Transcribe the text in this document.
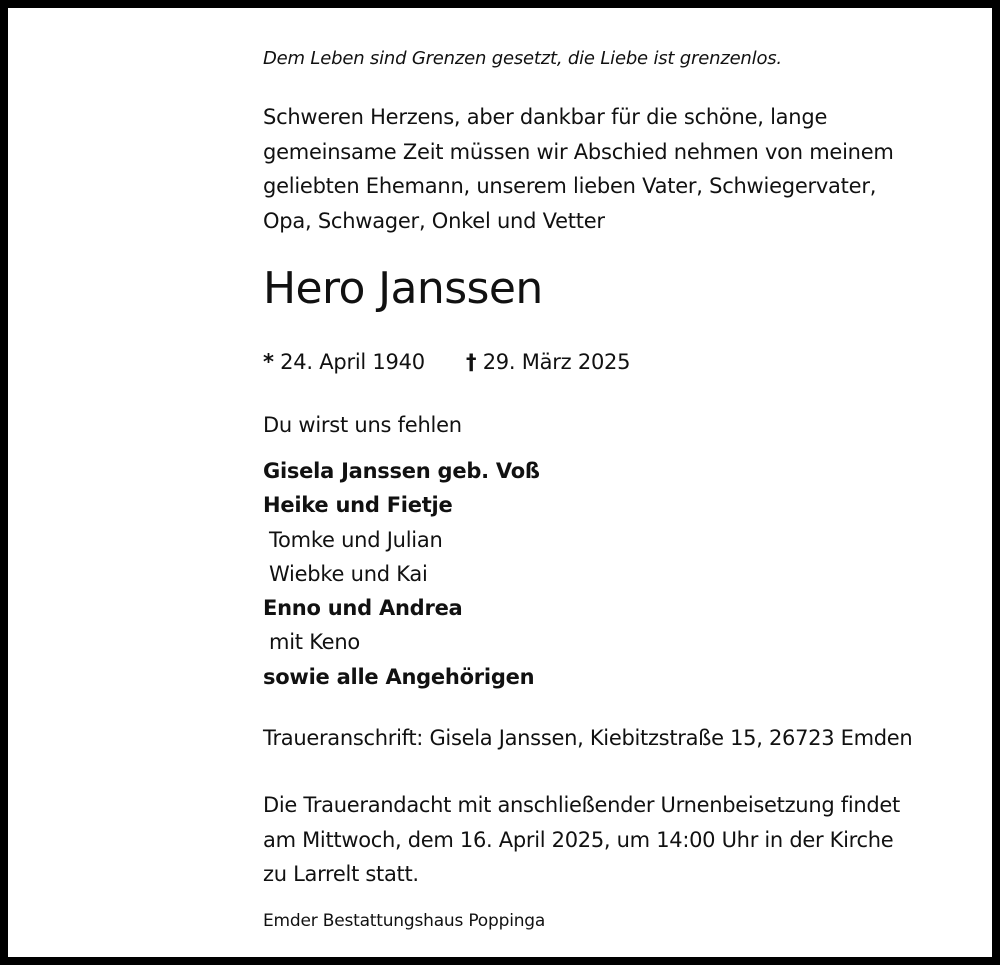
Dem Leben sind Grenzen gesetzt, die Liebe ist grenzenlos.
Schweren Herzens, aber dankbar für die schöne, lange
gemeinsame Zeit müssen wir Abschied nehmen von meinem
geliebten Ehemann, unserem lieben Vater, Schwiegervater,
Opa, Schwager, Onkel und Vetter
Hero Janssen
* 24. April 1940 † 29. März 2025
Du wirst uns fehlen
Gisela Janssen geb. Voß
Heike und Fietje
Tomke und Julian
Wiebke und Kai
Enno und Andrea
mit Keno
sowie alle Angehörigen
Traueranschrift: Gisela Janssen, Kiebitzstraße 15, 26723 Emden
Die Trauerandacht mit anschließender Urnenbeisetzung findet
am Mittwoch, dem 16. April 2025, um 14:00 Uhr in der Kirche
zu Larrelt statt.
Emder Bestattungshaus Poppinga
